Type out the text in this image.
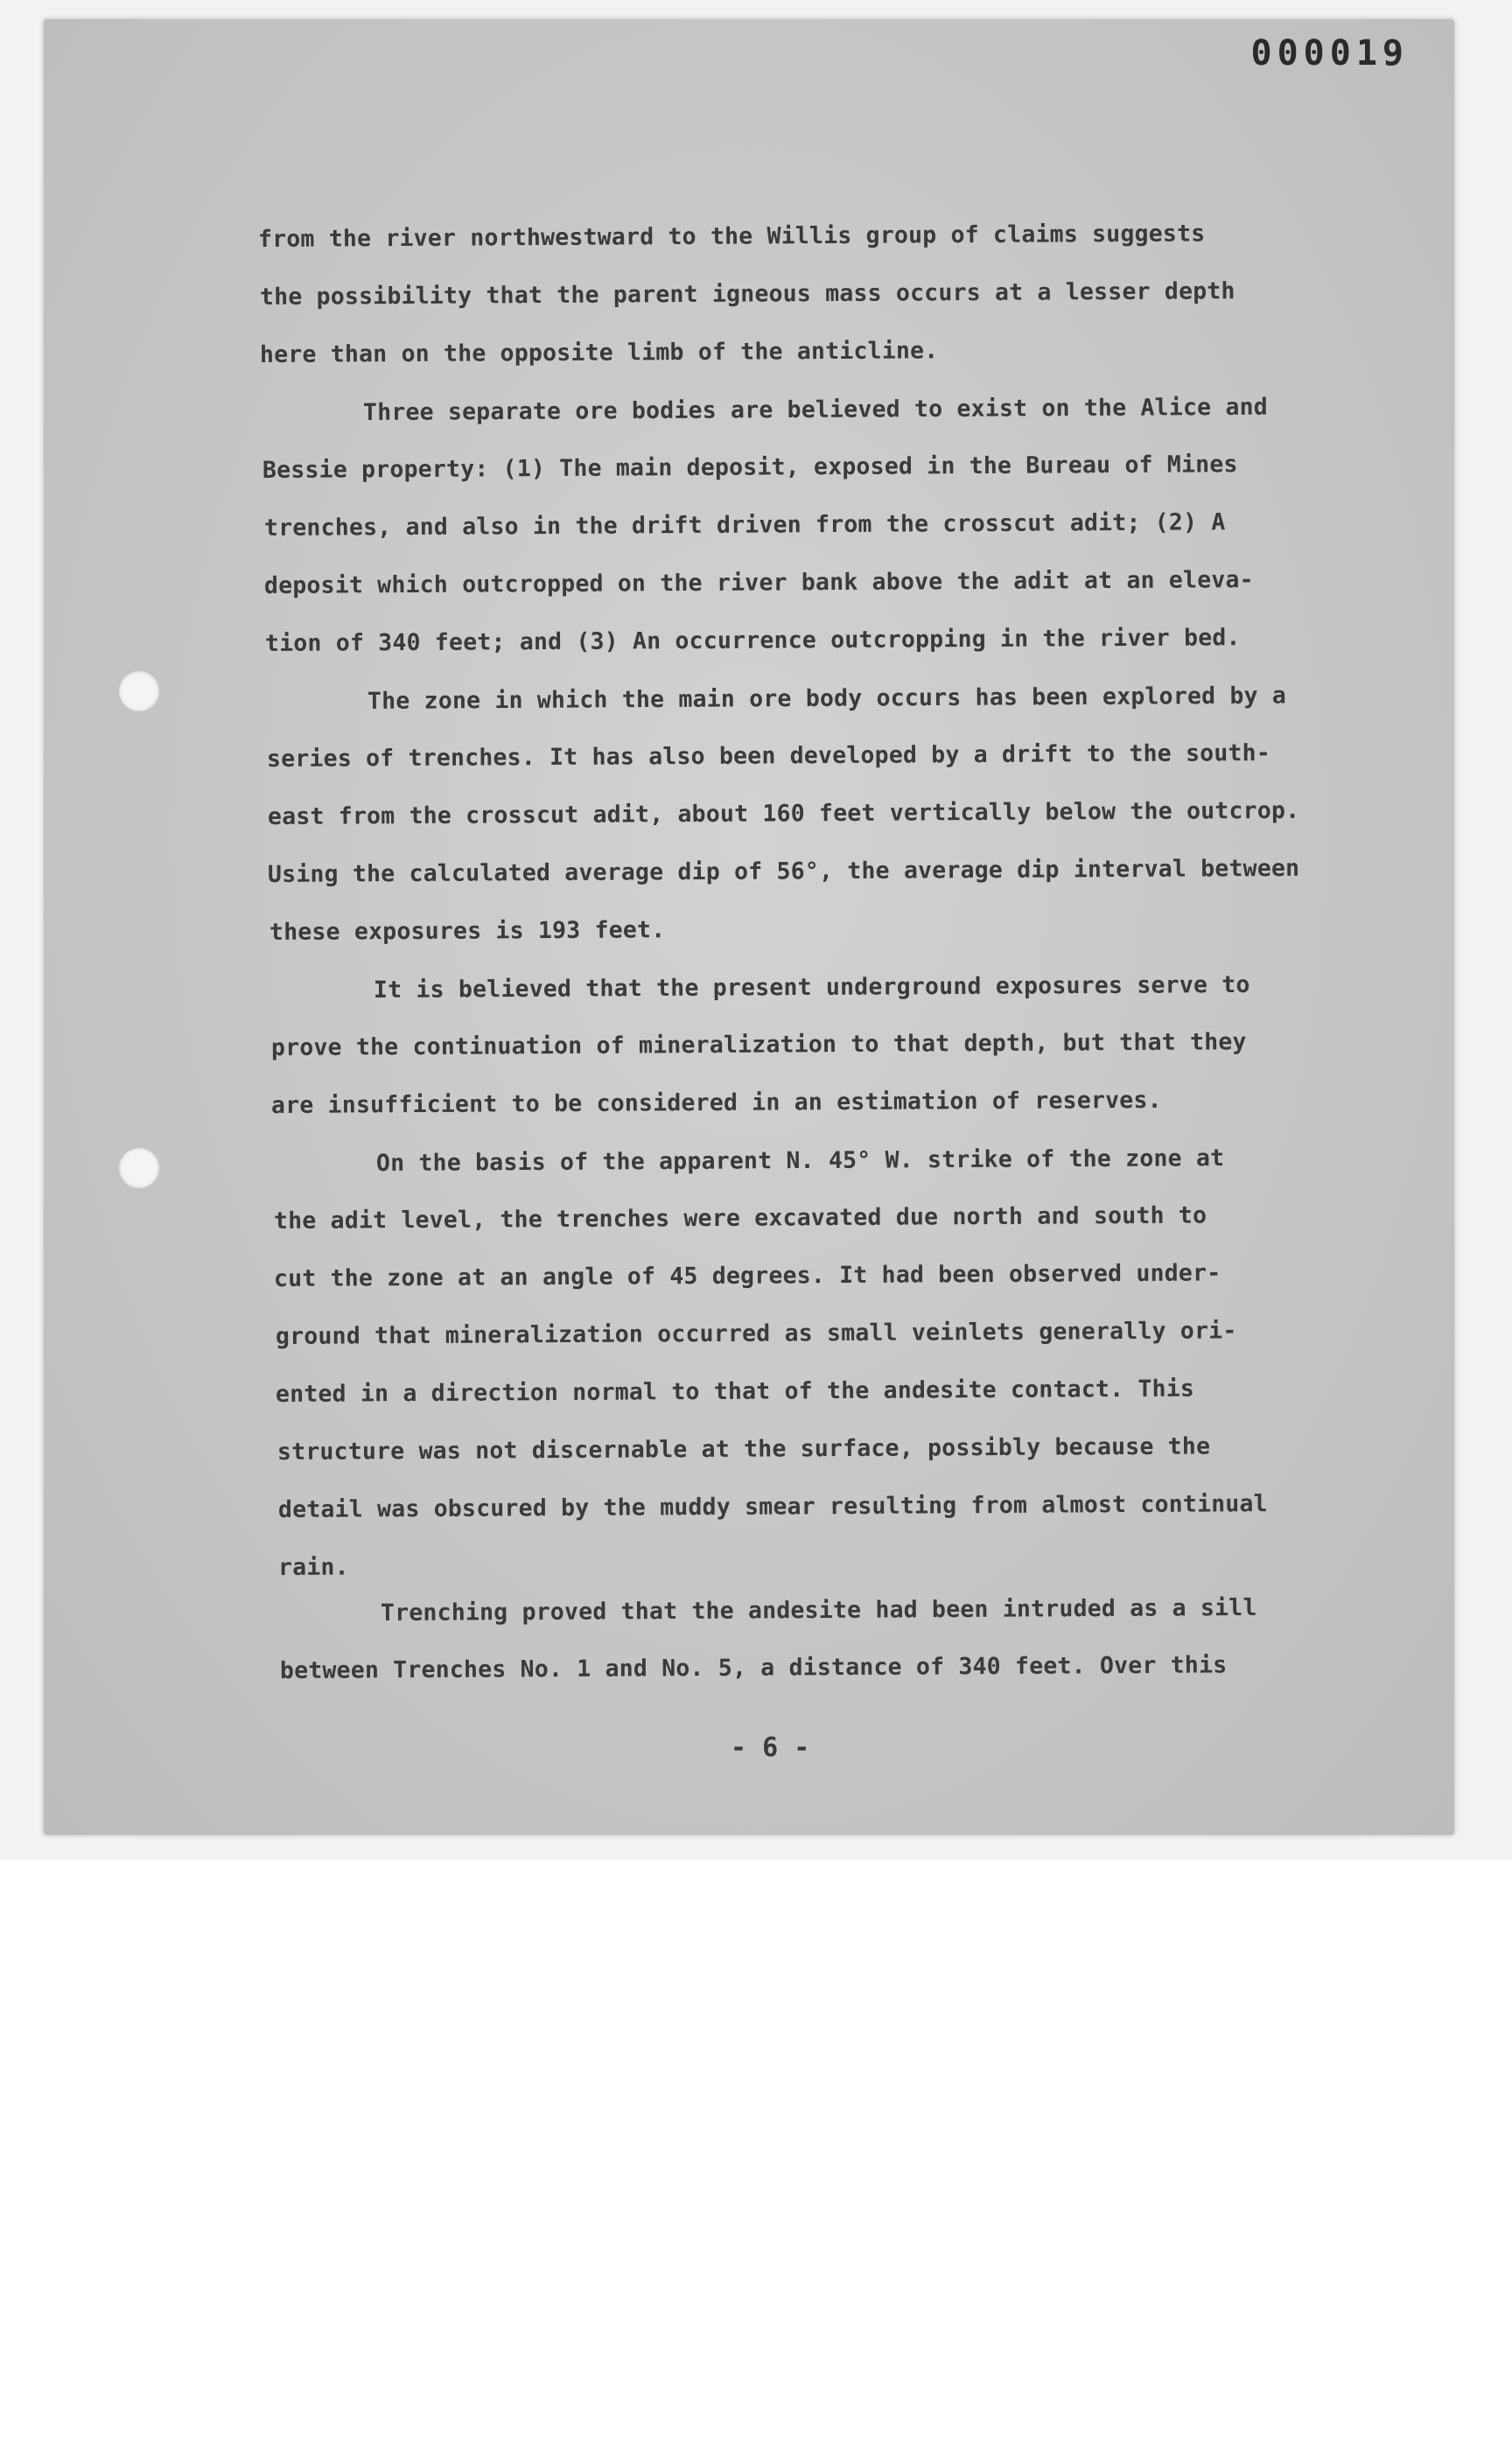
000019
from the river northwestward to the Willis group of claims suggests
the possibility that the parent igneous mass occurs at a lesser depth
here than on the opposite limb of the anticline.
Three separate ore bodies are believed to exist on the Alice and
Bessie property: (1) The main deposit, exposed in the Bureau of Mines
trenches, and also in the drift driven from the crosscut adit; (2) A
deposit which outcropped on the river bank above the adit at an eleva-
tion of 340 feet; and (3) An occurrence outcropping in the river bed.
The zone in which the main ore body occurs has been explored by a
series of trenches. It has also been developed by a drift to the south-
east from the crosscut adit, about 160 feet vertically below the outcrop.
Using the calculated average dip of 56°, the average dip interval between
these exposures is 193 feet.
It is believed that the present underground exposures serve to
prove the continuation of mineralization to that depth, but that they
are insufficient to be considered in an estimation of reserves.
On the basis of the apparent N. 45° W. strike of the zone at
the adit level, the trenches were excavated due north and south to
cut the zone at an angle of 45 degrees. It had been observed under-
ground that mineralization occurred as small veinlets generally ori-
ented in a direction normal to that of the andesite contact. This
structure was not discernable at the surface, possibly because the
detail was obscured by the muddy smear resulting from almost continual
rain.
Trenching proved that the andesite had been intruded as a sill
between Trenches No. 1 and No. 5, a distance of 340 feet. Over this
- 6 -
